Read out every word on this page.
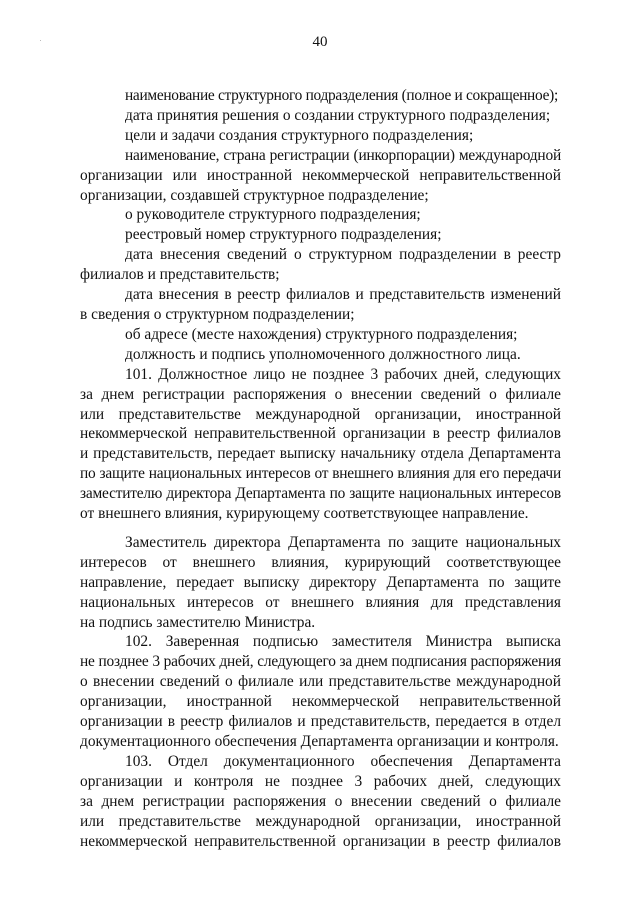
40
наименование структурного подразделения (полное и сокращенное);
дата принятия решения о создании структурного подразделения;
цели и задачи создания структурного подразделения;
наименование, страна регистрации (инкорпорации) международной
организации или иностранной некоммерческой неправительственной
организации, создавшей структурное подразделение;
о руководителе структурного подразделения;
реестровый номер структурного подразделения;
дата внесения сведений о структурном подразделении в реестр
филиалов и представительств;
дата внесения в реестр филиалов и представительств изменений
в сведения о структурном подразделении;
об адресе (месте нахождения) структурного подразделения;
должность и подпись уполномоченного должностного лица.
101. Должностное лицо не позднее 3 рабочих дней, следующих
за днем регистрации распоряжения о внесении сведений о филиале
или представительстве международной организации, иностранной
некоммерческой неправительственной организации в реестр филиалов
и представительств, передает выписку начальнику отдела Департамента
по защите национальных интересов от внешнего влияния для его передачи
заместителю директора Департамента по защите национальных интересов
от внешнего влияния, курирующему соответствующее направление.
Заместитель директора Департамента по защите национальных
интересов от внешнего влияния, курирующий соответствующее
направление, передает выписку директору Департамента по защите
национальных интересов от внешнего влияния для представления
на подпись заместителю Министра.
102. Заверенная подписью заместителя Министра выписка
не позднее 3 рабочих дней, следующего за днем подписания распоряжения
о внесении сведений о филиале или представительстве международной
организации, иностранной некоммерческой неправительственной
организации в реестр филиалов и представительств, передается в отдел
документационного обеспечения Департамента организации и контроля.
103. Отдел документационного обеспечения Департамента
организации и контроля не позднее 3 рабочих дней, следующих
за днем регистрации распоряжения о внесении сведений о филиале
или представительстве международной организации, иностранной
некоммерческой неправительственной организации в реестр филиалов
